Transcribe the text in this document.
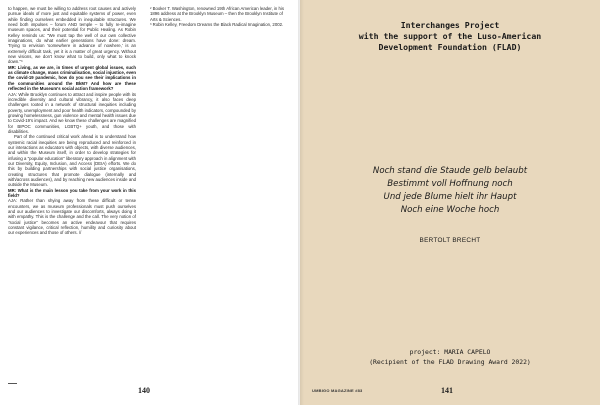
to happen, we must be willing to address root causes and actively pursue ideals of more just and equitable systems of power, even while finding ourselves embedded in inequitable structures. We need both impulses – forum AND temple – to fully re-imagine museum spaces, and their potential for Public Healing. As Robin Kelley reminds us: "We must tap the well of our own collective imaginations, do what earlier generations have done: dream. Trying to envision 'somewhere in advance of nowhere,' is an extremely difficult task, yet it is a matter of great urgency. Without new visions, we don't know what to build, only what to knock down."³

MR: Living, as we are, in times of urgent global issues, such as climate change, mass criminalisation, social injustice, even the covid-19 pandemic, how do you see their implications in the communities around the BkM? And how are these reflected in the Museum's social action framework?

AJA: While Brooklyn continues to attract and inspire people with its incredible diversity and cultural vibrancy, it also faces deep challenges rooted in a network of structural inequities including poverty, unemployment and poor health indicators, compounded by growing homelessness, gun violence and mental health issues due to Covid-19's impact. And we know these challenges are magnified for BIPOC communities, LGBTQ+ youth, and those with disabilities.

Part of the continued critical work ahead is to understand how systemic racial inequities are being reproduced and reinforced in our interactions as educators with objects, with diverse audiences, and within the Museum itself, in order to develop strategies for infusing a "popular education" liberatory approach in alignment with our Diversity, Equity, Inclusion, and Access (DEIA) efforts. We do this by building partnerships with social justice organisations, creating structures that promote dialogue (internally and with/across audiences), and by reaching new audiences inside and outside the Museum.

MR: What is the main lesson you take from your work in this field?

AJA: Rather than shying away from these difficult or tense encounters, we as museum professionals must push ourselves and our audiences to investigate our discomforts, always doing it with empathy. This is the challenge and the call. The very notion of "social justice" becomes an active endeavour that requires constant vigilance, critical reflection, humility and curiosity about our experiences and those of others. //

² Booker T. Washington, renowned 19th African American leader, in his 1896 address at the Brooklyn Museum – then the Brooklyn Institute of Arts & Sciences.

³ Robin Kelley, Freedom Dreams the Black Radical Imagination, 2002.

140
Interchanges Project
with the support of the Luso-American
Development Foundation (FLAD)
Noch stand die Staude gelb belaubt
Bestimmt voll Hoffnung noch
Und jede Blume hielt ihr Haupt
Noch eine Woche hoch
BERTOLT BRECHT
project: MARIA CAPELO
(Recipient of the FLAD Drawing Award 2022)
UMBIGO MAGAZINE #83	141
